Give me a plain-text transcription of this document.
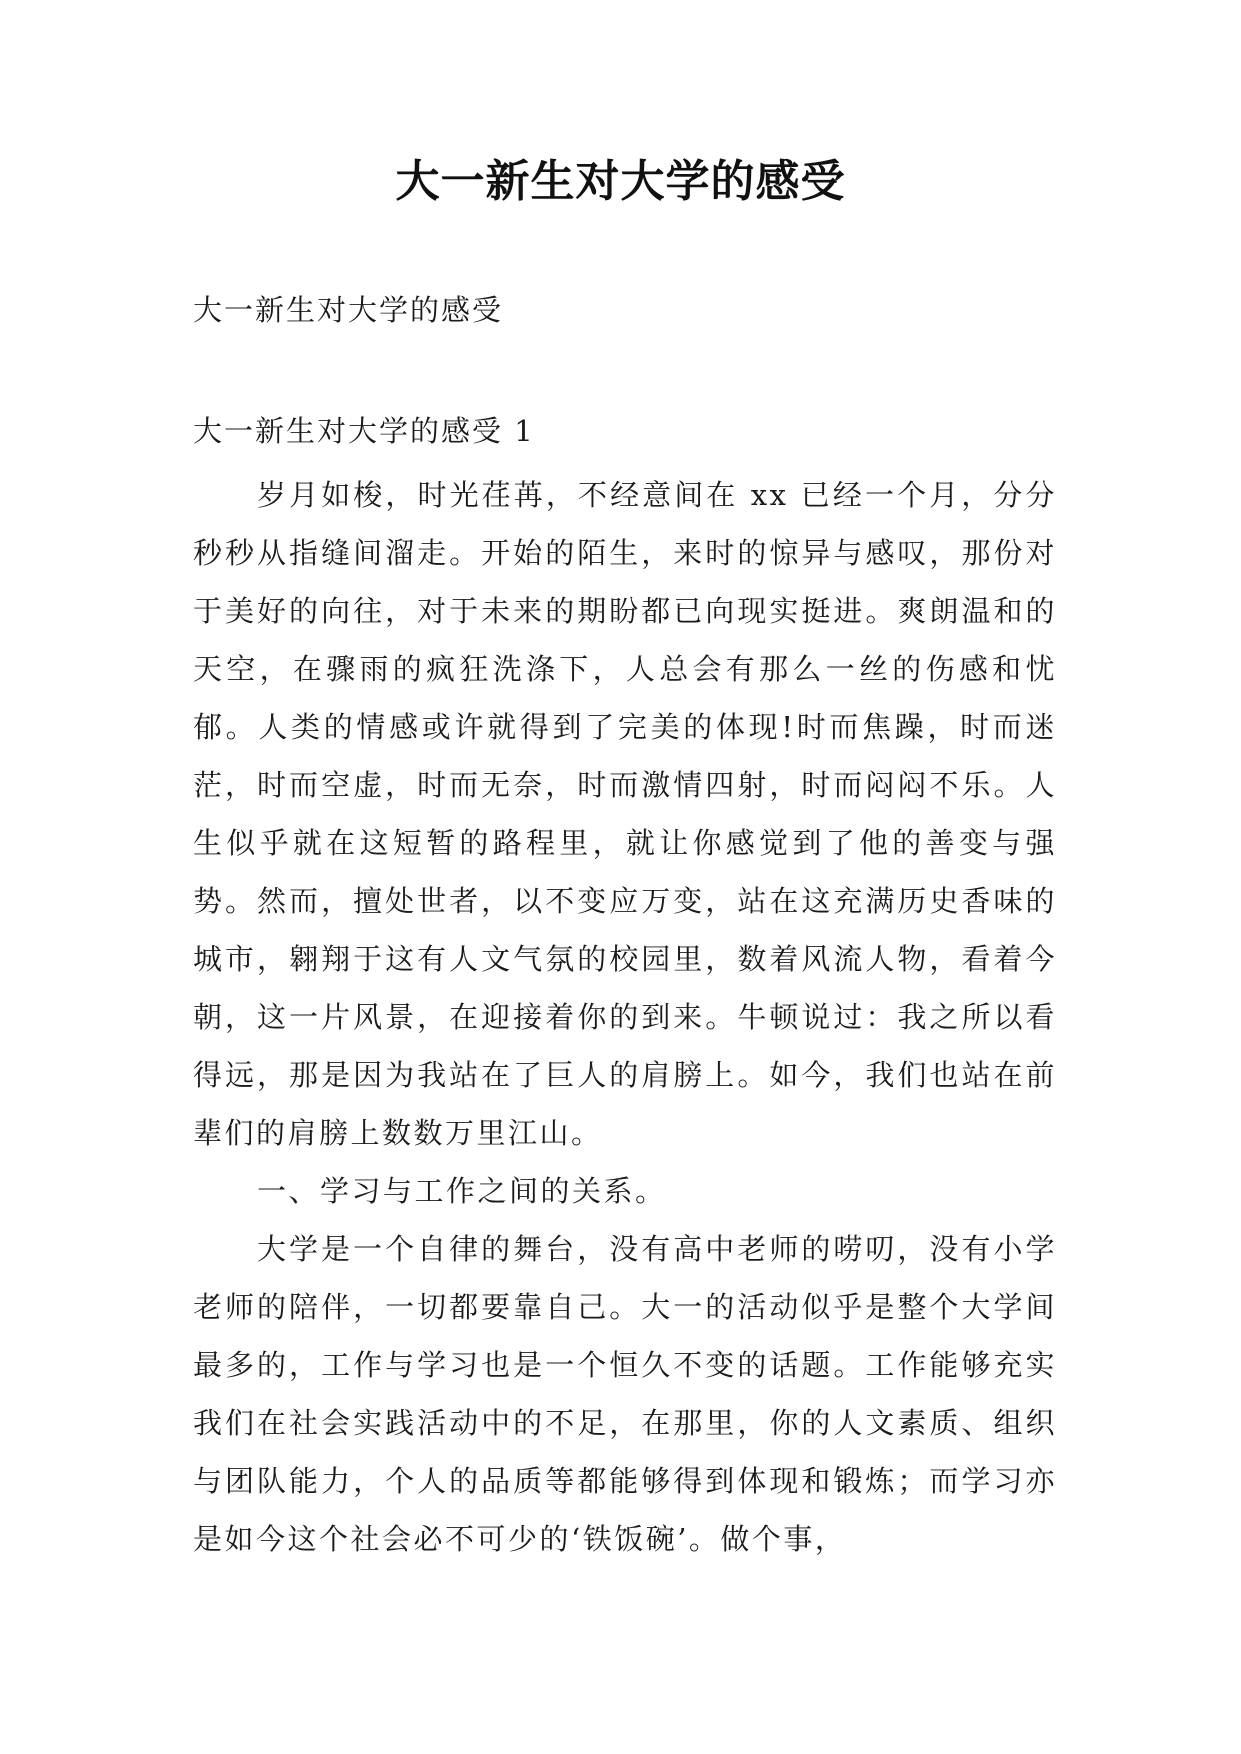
大一新生对大学的感受
大一新生对大学的感受
大一新生对大学的感受 1

岁月如梭，时光荏苒，不经意间在 xx 已经一个月，分分秒秒从指缝间溜走。开始的陌生，来时的惊异与感叹，那份对于美好的向往，对于未来的期盼都已向现实挺进。爽朗温和的天空，在骤雨的疯狂洗涤下，人总会有那么一丝的伤感和忧郁。人类的情感或许就得到了完美的体现!时而焦躁，时而迷茫，时而空虚，时而无奈，时而激情四射，时而闷闷不乐。人生似乎就在这短暂的路程里，就让你感觉到了他的善变与强势。然而，擅处世者，以不变应万变，站在这充满历史香味的城市，翱翔于这有人文气氛的校园里，数着风流人物，看着今朝，这一片风景，在迎接着你的到来。牛顿说过：我之所以看得远，那是因为我站在了巨人的肩膀上。如今，我们也站在前辈们的肩膀上数数万里江山。

一、学习与工作之间的关系。

大学是一个自律的舞台，没有高中老师的唠叨，没有小学老师的陪伴，一切都要靠自己。大一的活动似乎是整个大学间最多的，工作与学习也是一个恒久不变的话题。工作能够充实我们在社会实践活动中的不足，在那里，你的人文素质、组织与团队能力，个人的品质等都能够得到体现和锻炼；而学习亦是如今这个社会必不可少的‘铁饭碗’。做个事，
